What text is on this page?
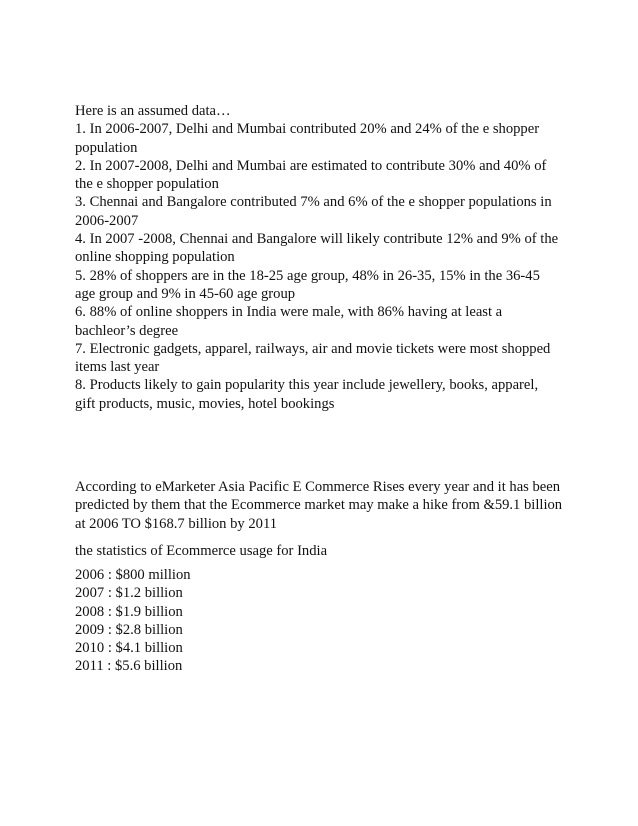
Here is an assumed data…
1. In 2006-2007, Delhi and Mumbai contributed 20% and 24% of the e shopper
population
2. In 2007-2008, Delhi and Mumbai are estimated to contribute 30% and 40% of
the e shopper population
3. Chennai and Bangalore contributed 7% and 6% of the e shopper populations in
2006-2007
4. In 2007 -2008, Chennai and Bangalore will likely contribute 12% and 9% of the
online shopping population
5. 28% of shoppers are in the 18-25 age group, 48% in 26-35, 15% in the 36-45
age group and 9% in 45-60 age group
6. 88% of online shoppers in India were male, with 86% having at least a
bachleor’s degree
7. Electronic gadgets, apparel, railways, air and movie tickets were most shopped
items last year
8. Products likely to gain popularity this year include jewellery, books, apparel,
gift products, music, movies, hotel bookings
According to eMarketer Asia Pacific E Commerce Rises every year and it has been
predicted by them that the Ecommerce market may make a hike from &59.1 billion
at 2006 TO $168.7 billion by 2011
the statistics of Ecommerce usage for India
2006 : $800 million
2007 : $1.2 billion
2008 : $1.9 billion
2009 : $2.8 billion
2010 : $4.1 billion
2011 : $5.6 billion
